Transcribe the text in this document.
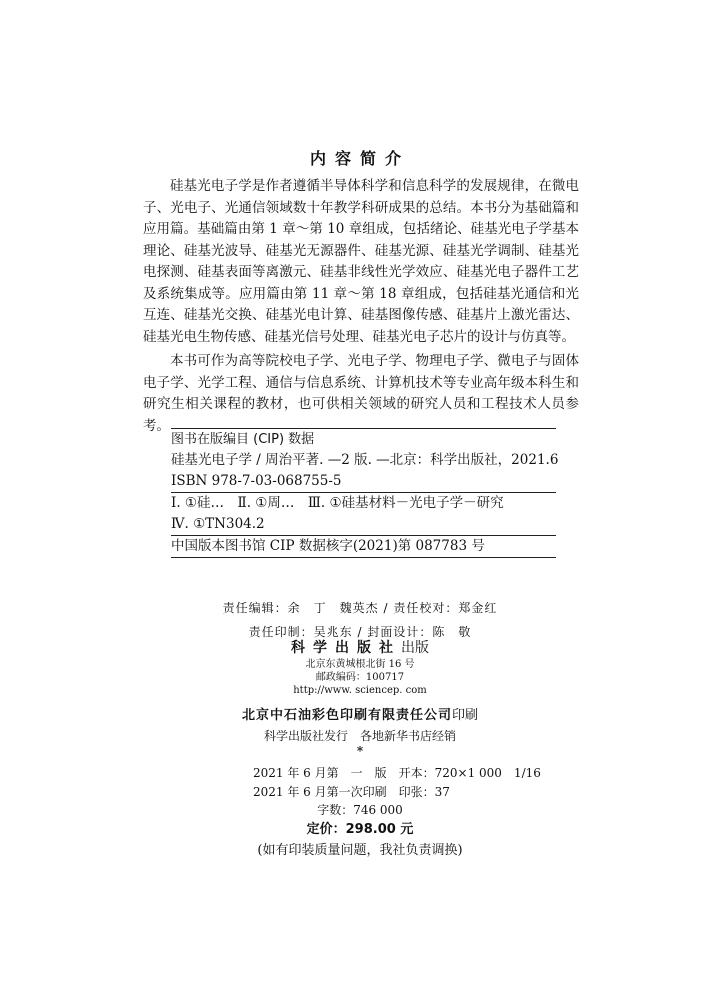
内容简介

硅基光电子学是作者遵循半导体科学和信息科学的发展规律，在微电子、光电子、光通信领域数十年教学科研成果的总结。本书分为基础篇和应用篇。基础篇由第 1 章～第 10 章组成，包括绪论、硅基光电子学基本理论、硅基光波导、硅基光无源器件、硅基光源、硅基光学调制、硅基光电探测、硅基表面等离激元、硅基非线性光学效应、硅基光电子器件工艺及系统集成等。应用篇由第 11 章～第 18 章组成，包括硅基光通信和光互连、硅基光交换、硅基光电计算、硅基图像传感、硅基片上激光雷达、硅基光电生物传感、硅基光信号处理、硅基光电子芯片的设计与仿真等。

本书可作为高等院校电子学、光电子学、物理电子学、微电子与固体电子学、光学工程、通信与信息系统、计算机技术等专业高年级本科生和研究生相关课程的教材，也可供相关领域的研究人员和工程技术人员参考。

图书在版编目 (CIP) 数据
硅基光电子学 / 周治平著. —2 版. —北京：科学出版社，2021.6
ISBN 978-7-03-068755-5
Ⅰ. ①硅…　Ⅱ. ①周…　Ⅲ. ①硅基材料－光电子学－研究
Ⅳ. ①TN304.2
中国版本图书馆 CIP 数据核字(2021)第 087783 号
责任编辑：余　丁　魏英杰 / 责任校对：郑金红
责任印制：吴兆东 / 封面设计：陈　敬
科学出版社出版
北京东黄城根北街 16 号
邮政编码：100717
http://www. sciencep. com
北京中石油彩色印刷有限责任公司印刷
科学出版社发行　各地新华书店经销
*
2021 年 6 月第　一　版　开本：720×1 000　1/16
2021 年 6 月第一次印刷　印张：37
字数：746 000
定价：298.00 元
(如有印装质量问题，我社负责调换)
